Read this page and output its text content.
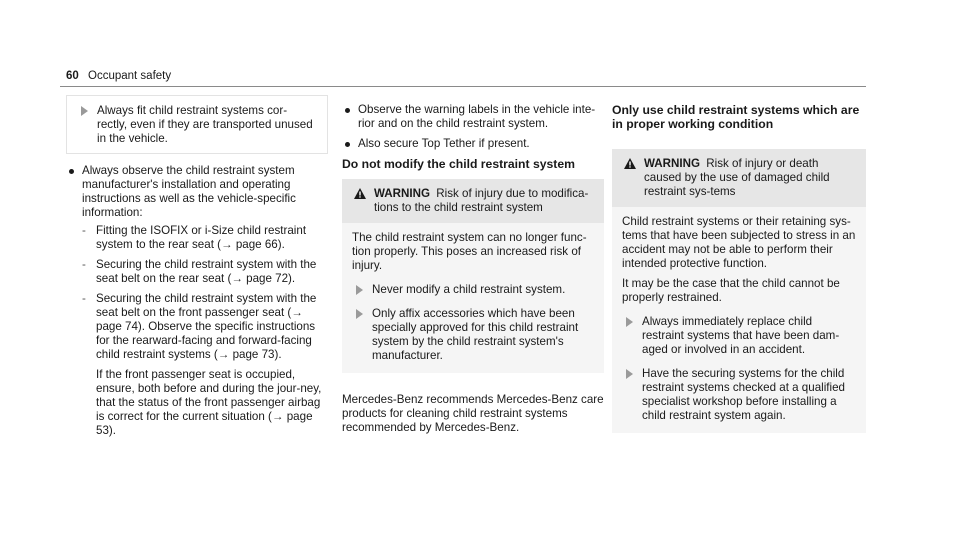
60 Occupant safety
Always fit child restraint systems cor-rectly, even if they are transported unused in the vehicle.
Always observe the child restraint system manufacturer's installation and operating instructions as well as the vehicle-specific information:
- Fitting the ISOFIX or i-Size child restraint system to the rear seat (→ page 66).
- Securing the child restraint system with the seat belt on the rear seat (→ page 72).
- Securing the child restraint system with the seat belt on the front passenger seat (→ page 74). Observe the specific instructions for the rearward-facing and forward-facing child restraint systems (→ page 73).
If the front passenger seat is occupied, ensure, both before and during the jour-ney, that the status of the front passenger airbag is correct for the current situation (→ page 53).
Observe the warning labels in the vehicle inte-rior and on the child restraint system.
Also secure Top Tether if present.
Do not modify the child restraint system
WARNING Risk of injury due to modifica-tions to the child restraint system

The child restraint system can no longer func-tion properly. This poses an increased risk of injury.

Never modify a child restraint system.
Only affix accessories which have been specially approved for this child restraint system by the child restraint system's manufacturer.
Mercedes-Benz recommends Mercedes-Benz care products for cleaning child restraint systems recommended by Mercedes-Benz.
Only use child restraint systems which are in proper working condition
WARNING Risk of injury or death caused by the use of damaged child restraint sys-tems

Child restraint systems or their retaining sys-tems that have been subjected to stress in an accident may not be able to perform their intended protective function.

It may be the case that the child cannot be properly restrained.

Always immediately replace child restraint systems that have been dam-aged or involved in an accident.
Have the securing systems for the child restraint systems checked at a qualified specialist workshop before installing a child restraint system again.
